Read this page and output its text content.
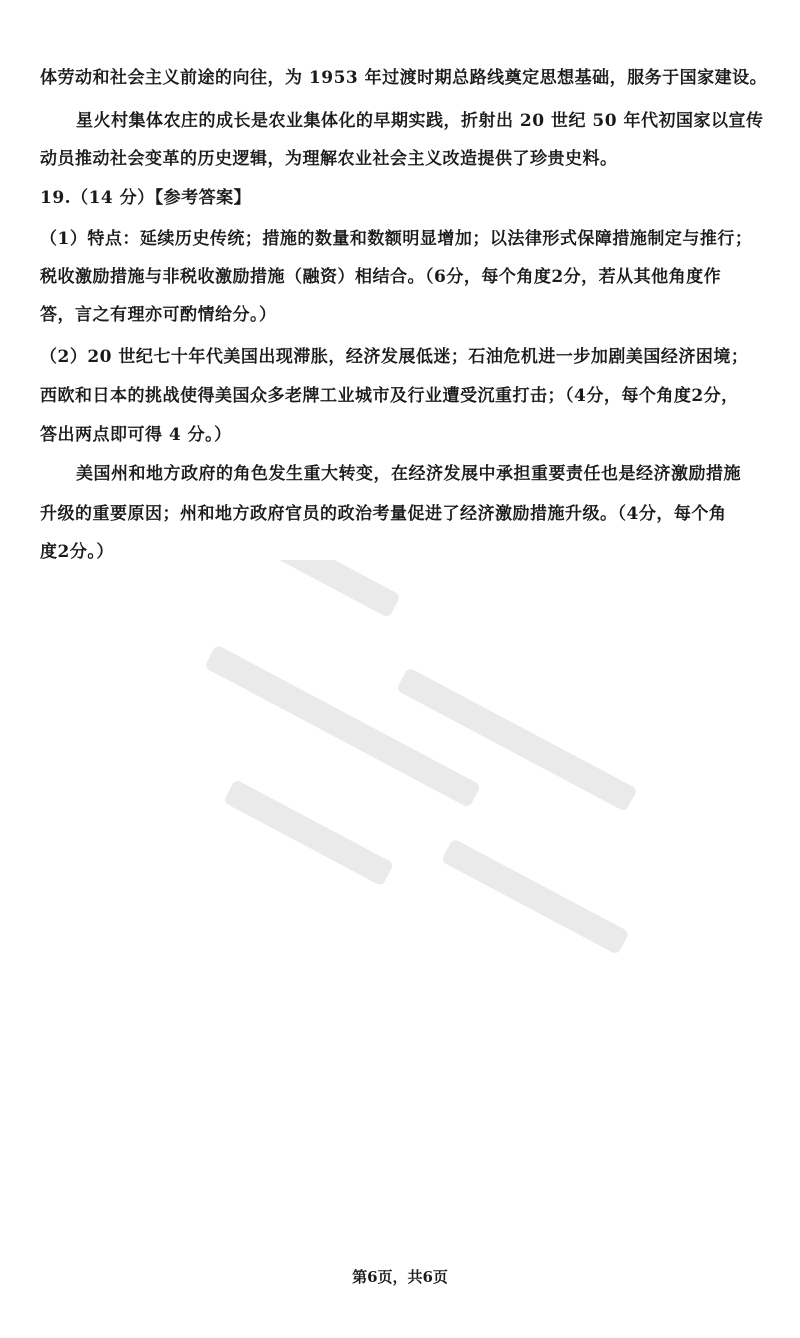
体劳动和社会主义前途的向往，为 1953 年过渡时期总路线奠定思想基础，服务于国家建设。
星火村集体农庄的成长是农业集体化的早期实践，折射出 20 世纪 50 年代初国家以宣传
动员推动社会变革的历史逻辑，为理解农业社会主义改造提供了珍贵史料。
19.（14 分）【参考答案】
（1）特点：延续历史传统；措施的数量和数额明显增加；以法律形式保障措施制定与推行；
税收激励措施与非税收激励措施（融资）相结合。（6分，每个角度2分，若从其他角度作
答，言之有理亦可酌情给分。）
（2）20 世纪七十年代美国出现滞胀，经济发展低迷；石油危机进一步加剧美国经济困境；
西欧和日本的挑战使得美国众多老牌工业城市及行业遭受沉重打击；（4分，每个角度2分，
答出两点即可得 4 分。）
美国州和地方政府的角色发生重大转变，在经济发展中承担重要责任也是经济激励措施
升级的重要原因；州和地方政府官员的政治考量促进了经济激励措施升级。（4分，每个角
度2分。）
第6页，共6页
